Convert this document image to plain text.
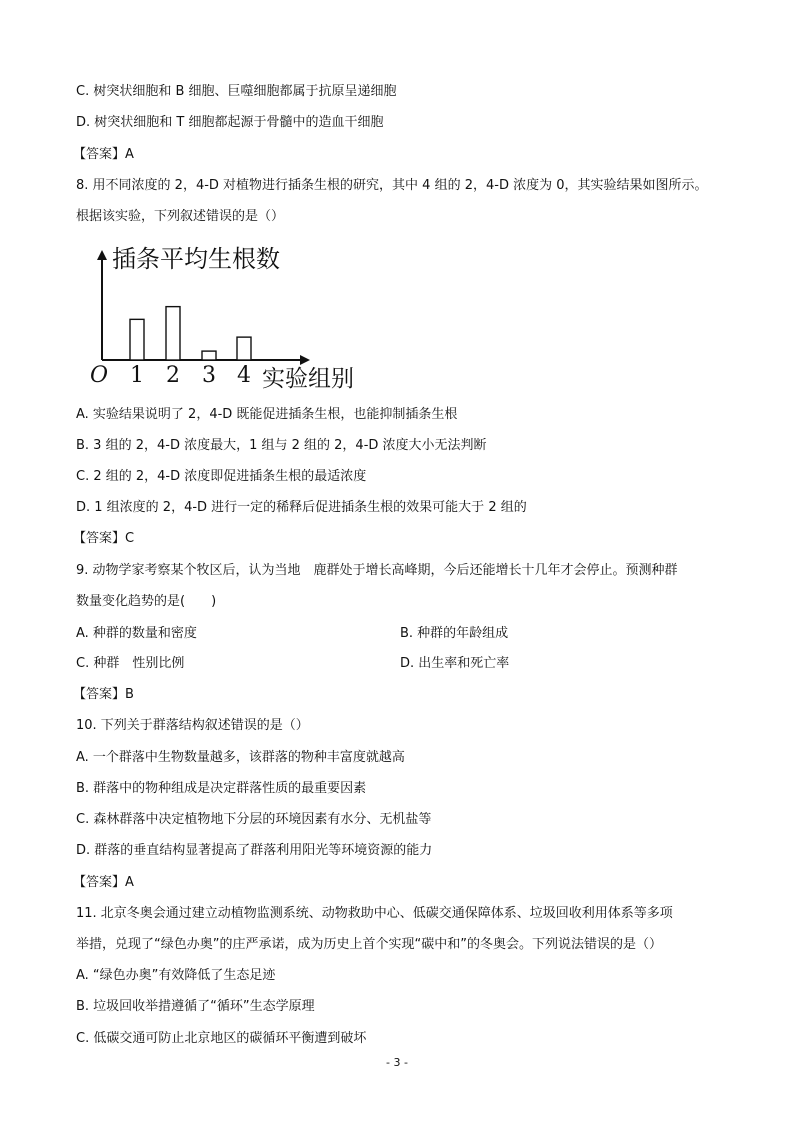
C. 树突状细胞和 B 细胞、巨噬细胞都属于抗原呈递细胞
D. 树突状细胞和 T 细胞都起源于骨髓中的造血干细胞
【答案】A
8. 用不同浓度的 2，4-D 对植物进行插条生根的研究，其中 4 组的 2，4-D 浓度为 0，其实验结果如图所示。
根据该实验，下列叙述错误的是（）
1 2 3 4
O
插条平均生根数
实验组别
A. 实验结果说明了 2，4-D 既能促进插条生根，也能抑制插条生根
B. 3 组的 2，4-D 浓度最大，1 组与 2 组的 2，4-D 浓度大小无法判断
C. 2 组的 2，4-D 浓度即促进插条生根的最适浓度
D. 1 组浓度的 2，4-D 进行一定的稀释后促进插条生根的效果可能大于 2 组的
【答案】C
9. 动物学家考察某个牧区后，认为当地　鹿群处于增长高峰期，今后还能增长十几年才会停止。预测种群
数量变化趋势的是(　　)
A. 种群的数量和密度	B. 种群的年龄组成
C. 种群　性别比例	D. 出生率和死亡率
【答案】B
10. 下列关于群落结构叙述错误的是（）
A. 一个群落中生物数量越多，该群落的物种丰富度就越高
B. 群落中的物种组成是决定群落性质的最重要因素
C. 森林群落中决定植物地下分层的环境因素有水分、无机盐等
D. 群落的垂直结构显著提高了群落利用阳光等环境资源的能力
【答案】A
11. 北京冬奥会通过建立动植物监测系统、动物救助中心、低碳交通保障体系、垃圾回收利用体系等多项
举措，兑现了“绿色办奥”的庄严承诺，成为历史上首个实现“碳中和”的冬奥会。下列说法错误的是（）
A. “绿色办奥”有效降低了生态足迹
B. 垃圾回收举措遵循了“循环”生态学原理
C. 低碳交通可防止北京地区的碳循环平衡遭到破坏
- 3 -
